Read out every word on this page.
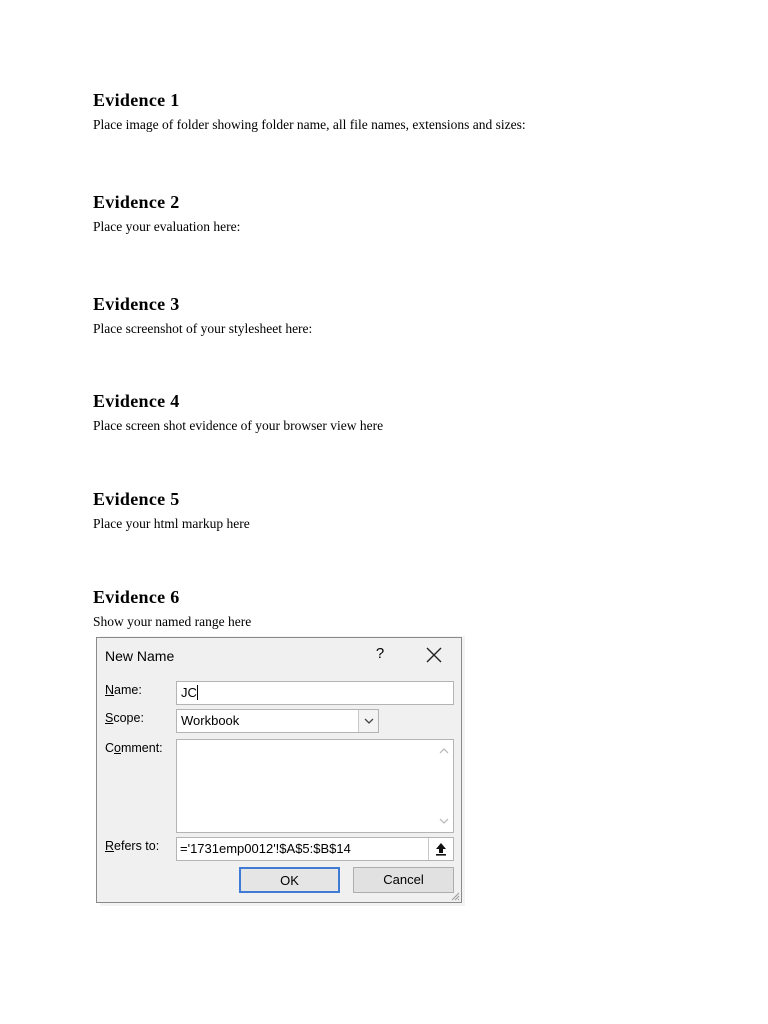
Evidence 1

Place image of folder showing folder name, all file names, extensions and sizes:

Evidence 2

Place your evaluation here:

Evidence 3

Place screenshot of your stylesheet here:

Evidence 4

Place screen shot evidence of your browser view here

Evidence 5

Place your html markup here

Evidence 6

Show your named range here

New Name	?
Name:	JC
Scope:	Workbook
Comment:
Refers to:	='1731emp0012'!$A$5:$B$14
OK	Cancel
